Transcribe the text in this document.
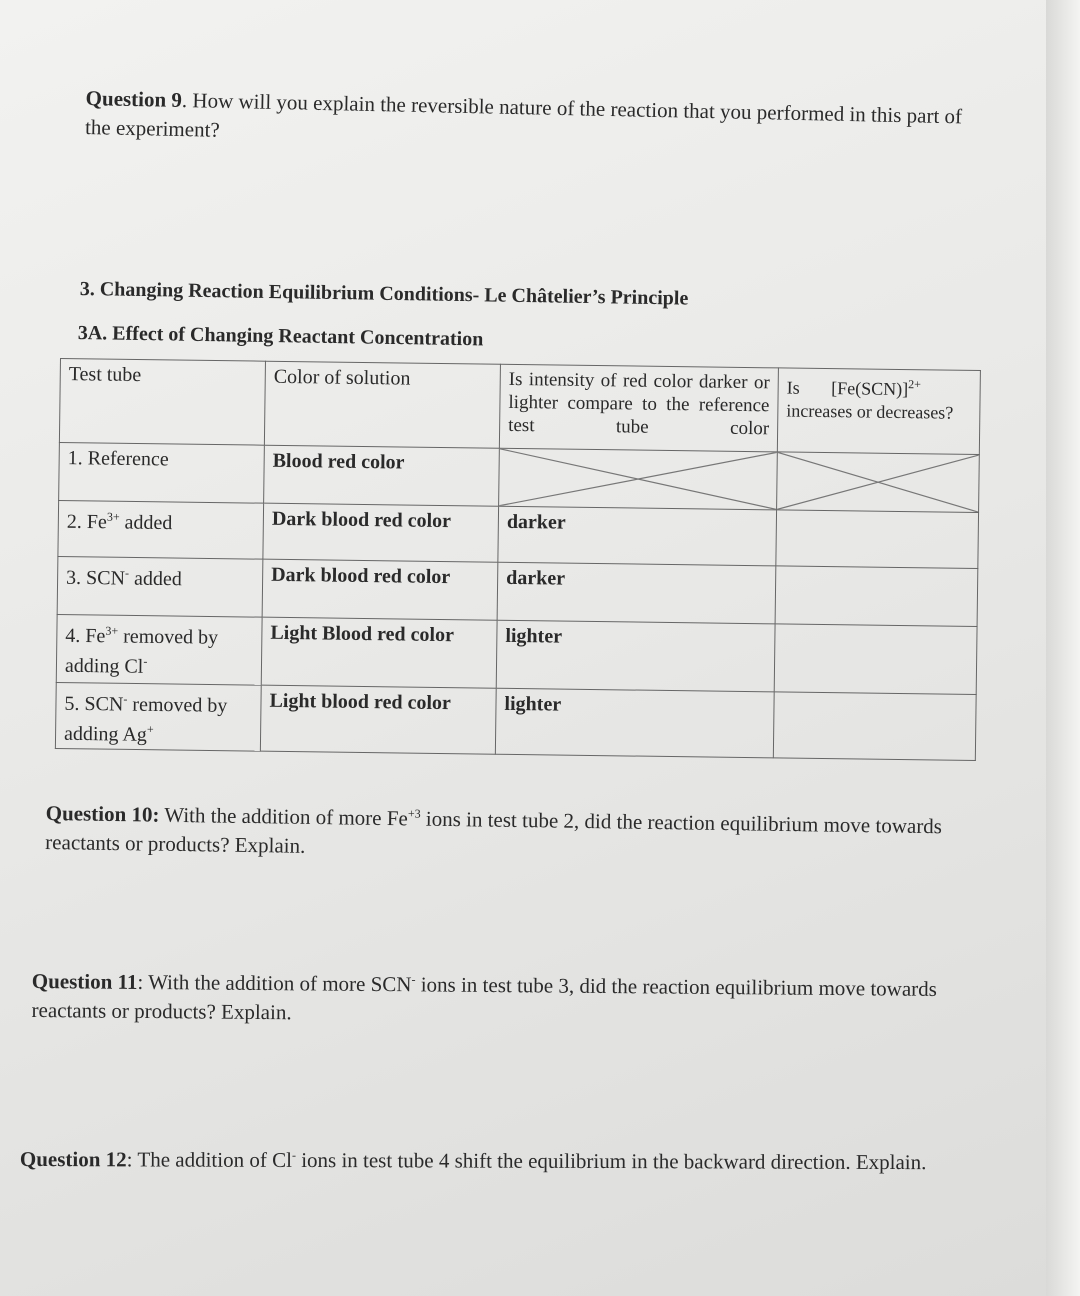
Question 9. How will you explain the reversible nature of the reaction that you performed in this part of the experiment?

3. Changing Reaction Equilibrium Conditions- Le Châtelier’s Principle

3A. Effect of Changing Reactant Concentration

Test tube	Color of solution	Is intensity of red color darker or lighter compare to the reference test tube color	Is $[Fe(SCN)]^{2+}$ increases or decreases?
1. Reference	Blood red color	

2. $Fe^{3+}$ added	Dark blood red color	darker	
3. SCN- added	Dark blood red color	darker	
4. $Fe^{3+}$ removed by adding Cl-	Light Blood red color	lighter	
5. SCN- removed by adding Ag+	Light blood red color	lighter	

Question 10: With the addition of more $Fe^{+3}$ ions in test tube 2, did the reaction equilibrium move towards reactants or products? Explain.

Question 11: With the addition of more SCN- ions in test tube 3, did the reaction equilibrium move towards reactants or products? Explain.

Question 12: The addition of Cl- ions in test tube 4 shift the equilibrium in the backward direction. Explain.
